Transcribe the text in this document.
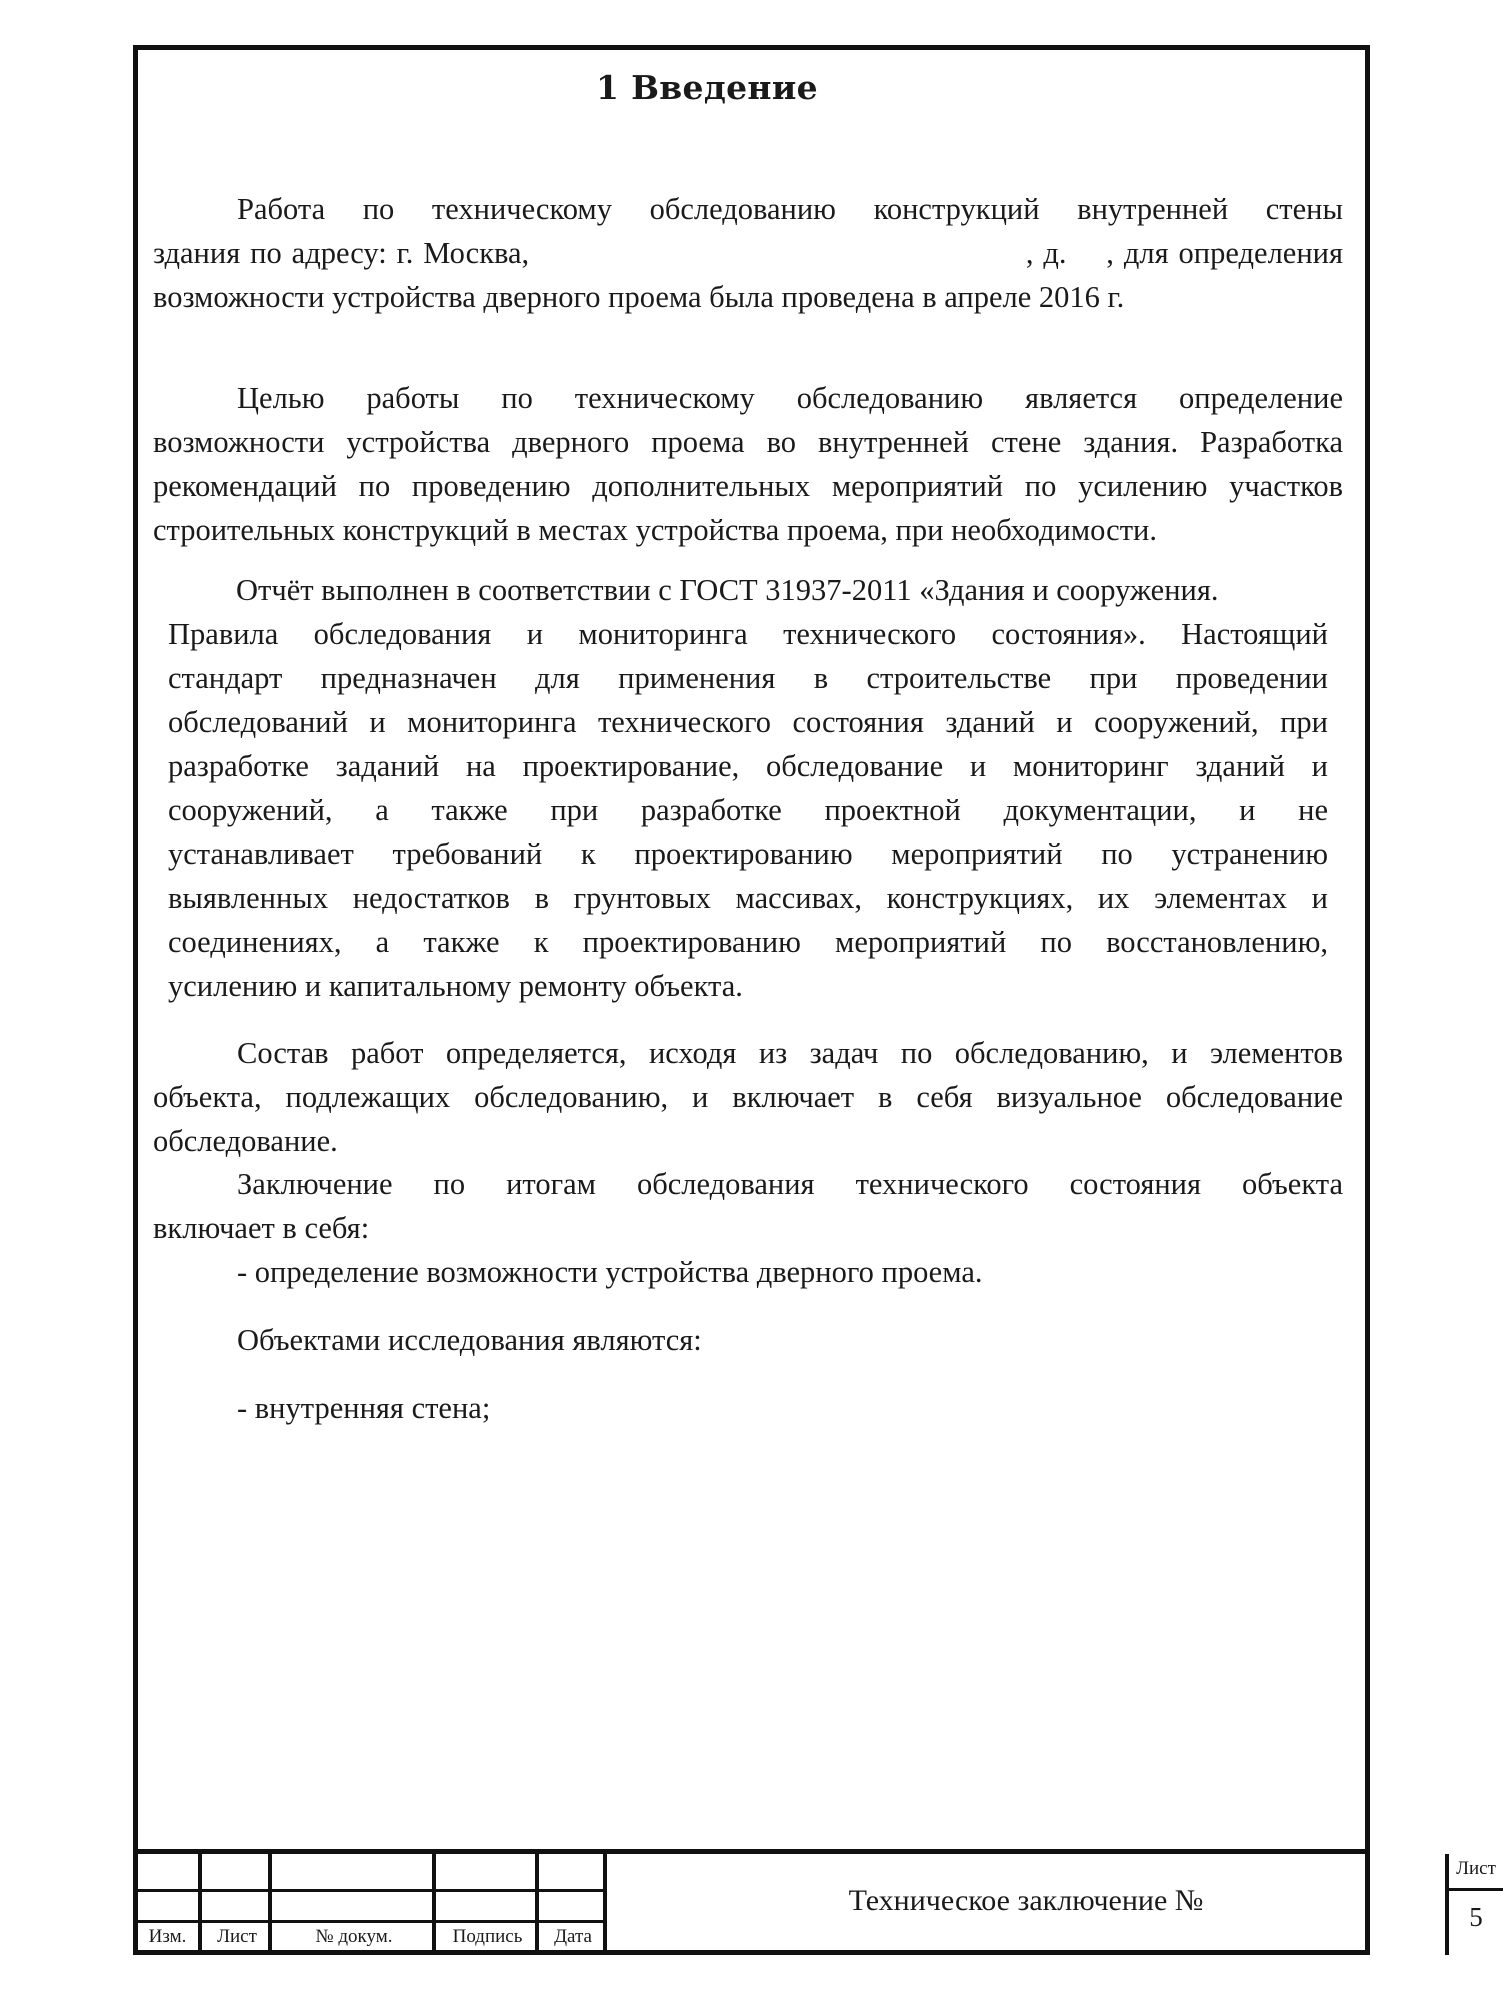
1 Введение
Работа по техническому обследованию конструкций внутренней стены
здания по адресу: г. Москва,                                                  , д.    , для определения
возможности устройства дверного проема была проведена в апреле 2016 г.
Целью работы по техническому обследованию является определение
возможности устройства дверного проема во внутренней стене здания. Разработка
рекомендаций по проведению дополнительных мероприятий по усилению участков
строительных конструкций в местах устройства проема, при необходимости.
Отчёт выполнен в соответствии с ГОСТ 31937-2011 «Здания и сооружения.
Правила обследования и мониторинга технического состояния». Настоящий
стандарт предназначен для применения в строительстве при проведении
обследований и мониторинга технического состояния зданий и сооружений, при
разработке заданий на проектирование, обследование и мониторинг зданий и
сооружений, а также при разработке проектной документации, и не
устанавливает требований к проектированию мероприятий по устранению
выявленных недостатков в грунтовых массивах, конструкциях, их элементах и
соединениях, а также к проектированию мероприятий по восстановлению,
усилению и капитальному ремонту объекта.
Состав работ определяется, исходя из задач по обследованию, и элементов
объекта, подлежащих обследованию, и включает в себя визуальное обследование
обследование.
Заключение по итогам обследования технического состояния объекта
включает в себя:
- определение возможности устройства дверного проема.
Объектами исследования являются:
- внутренняя стена;
Изм.	Лист	№ докум.	Подпись	Дата
Техническое заключение №
Лист
5
